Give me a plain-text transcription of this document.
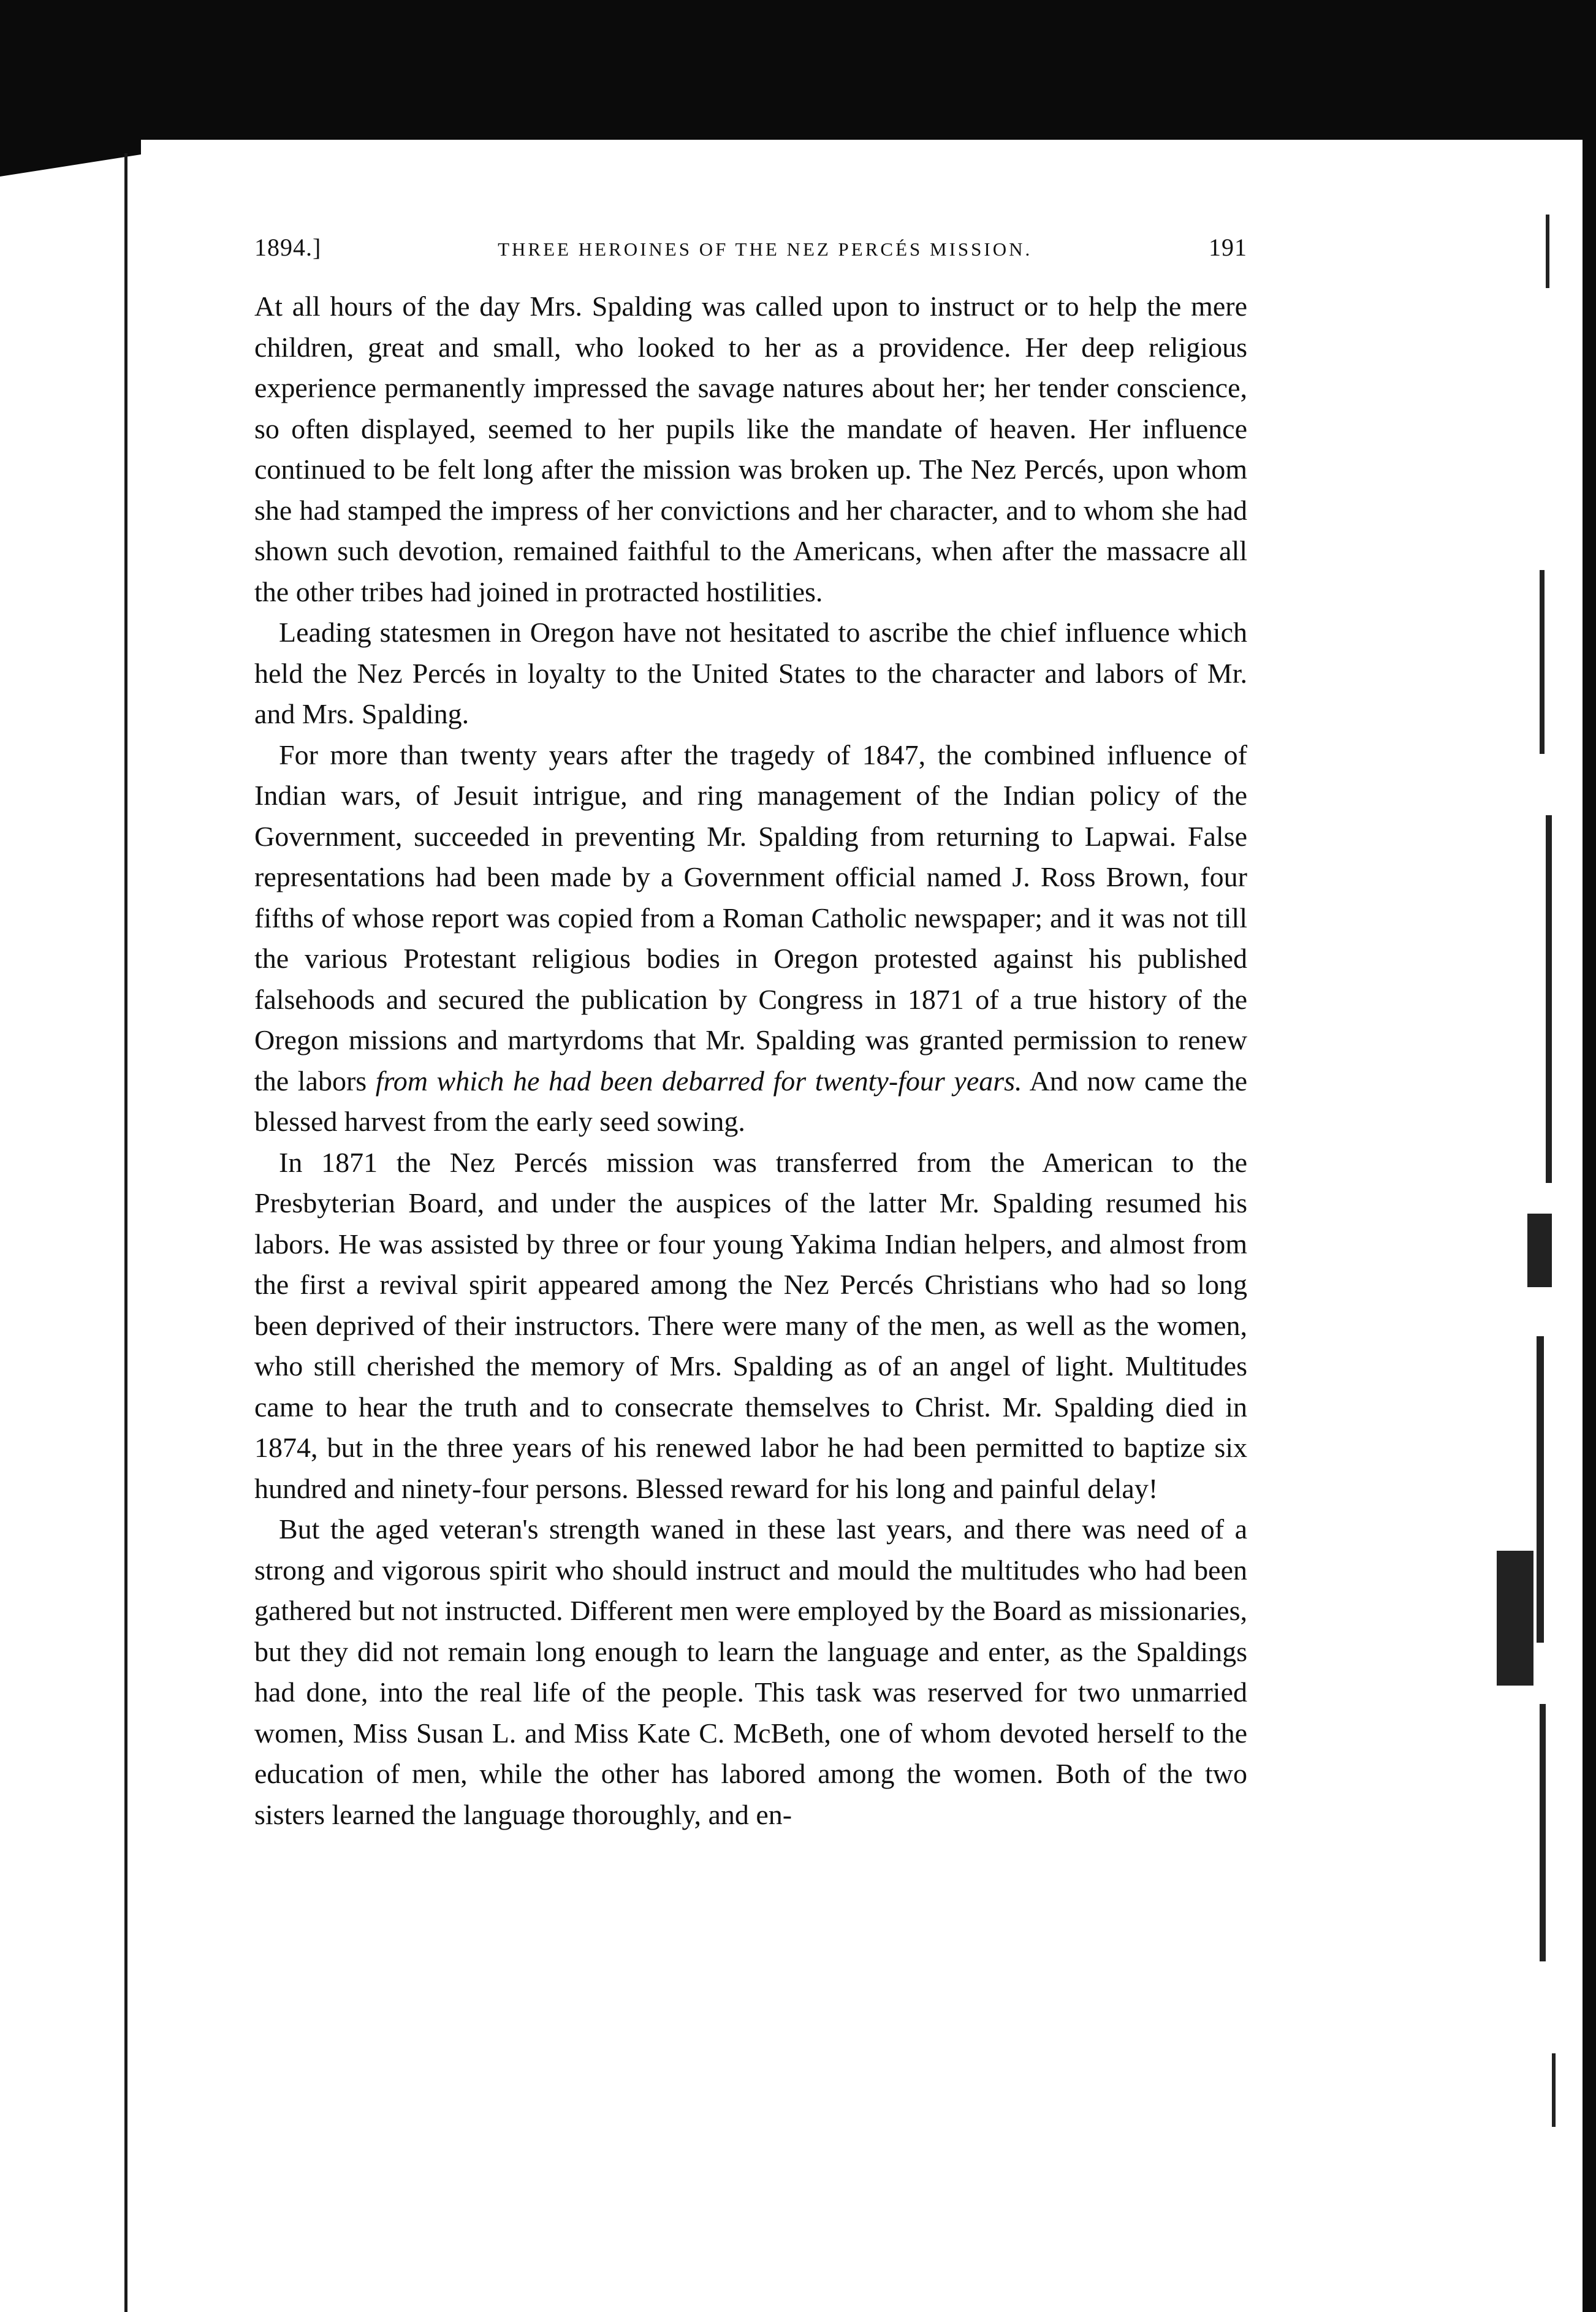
1894.]	THREE HEROINES OF THE NEZ PERCÉS MISSION.	191

At all hours of the day Mrs. Spalding was called upon to instruct or to help the mere children, great and small, who looked to her as a providence. Her deep religious experience permanently impressed the savage natures about her; her tender conscience, so often displayed, seemed to her pupils like the mandate of heaven. Her influence continued to be felt long after the mission was broken up. The Nez Percés, upon whom she had stamped the impress of her convictions and her character, and to whom she had shown such devotion, remained faithful to the Americans, when after the massacre all the other tribes had joined in protracted hostilities.

Leading statesmen in Oregon have not hesitated to ascribe the chief influence which held the Nez Percés in loyalty to the United States to the character and labors of Mr. and Mrs. Spalding.

For more than twenty years after the tragedy of 1847, the combined influence of Indian wars, of Jesuit intrigue, and ring management of the Indian policy of the Government, succeeded in preventing Mr. Spalding from returning to Lapwai. False representations had been made by a Government official named J. Ross Brown, four fifths of whose report was copied from a Roman Catholic newspaper; and it was not till the various Protestant religious bodies in Oregon protested against his published falsehoods and secured the publication by Congress in 1871 of a true history of the Oregon missions and martyrdoms that Mr. Spalding was granted permission to renew the labors from which he had been debarred for twenty-four years. And now came the blessed harvest from the early seed sowing.

In 1871 the Nez Percés mission was transferred from the American to the Presbyterian Board, and under the auspices of the latter Mr. Spalding resumed his labors. He was assisted by three or four young Yakima Indian helpers, and almost from the first a revival spirit appeared among the Nez Percés Christians who had so long been deprived of their instructors. There were many of the men, as well as the women, who still cherished the memory of Mrs. Spalding as of an angel of light. Multitudes came to hear the truth and to consecrate themselves to Christ. Mr. Spalding died in 1874, but in the three years of his renewed labor he had been permitted to baptize six hundred and ninety-four persons. Blessed reward for his long and painful delay!

But the aged veteran's strength waned in these last years, and there was need of a strong and vigorous spirit who should instruct and mould the multitudes who had been gathered but not instructed. Different men were employed by the Board as missionaries, but they did not remain long enough to learn the language and enter, as the Spaldings had done, into the real life of the people. This task was reserved for two unmarried women, Miss Susan L. and Miss Kate C. McBeth, one of whom devoted herself to the education of men, while the other has labored among the women. Both of the two sisters learned the language thoroughly, and en-
